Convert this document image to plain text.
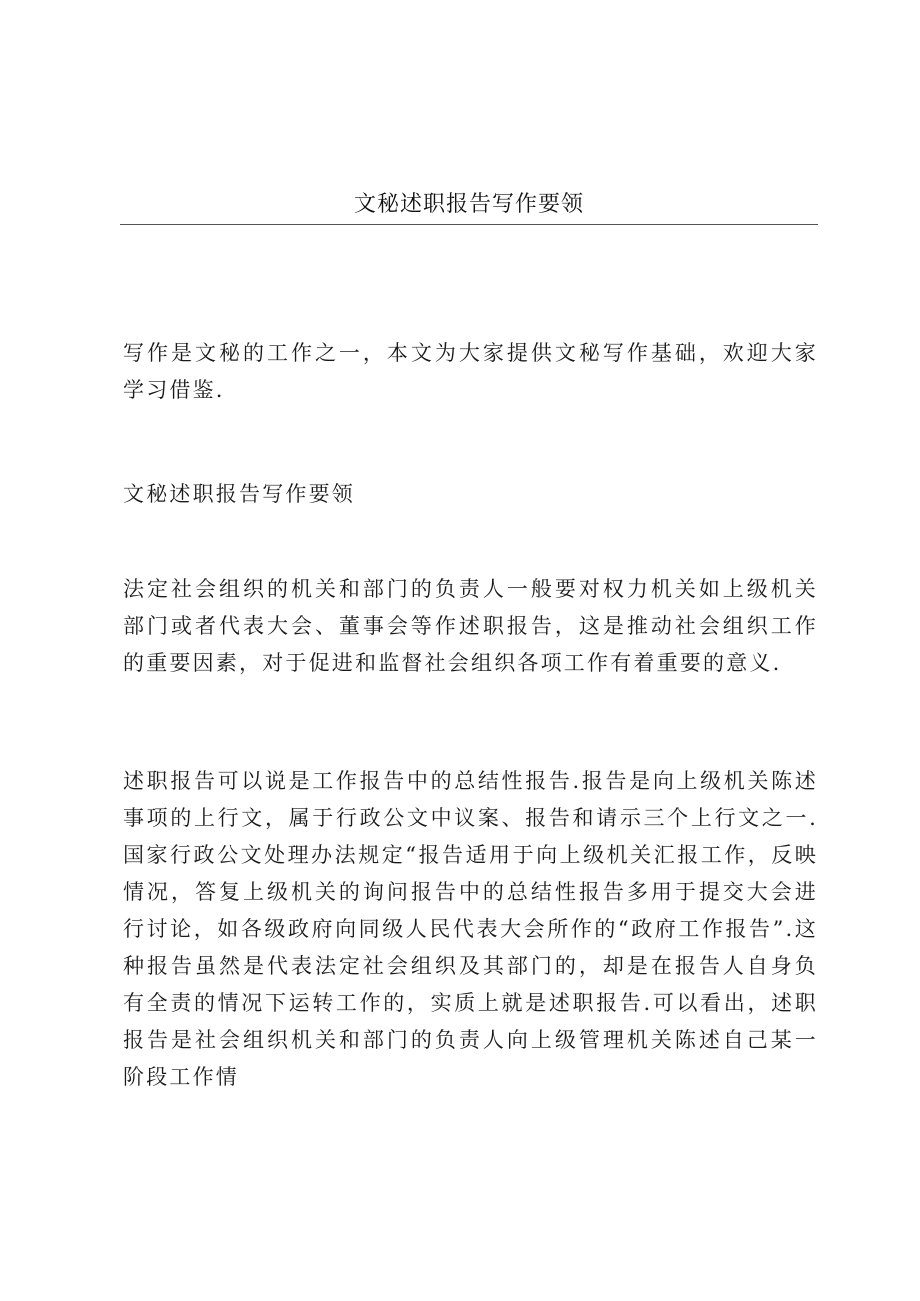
文秘述职报告写作要领

写作是文秘的工作之一，本文为大家提供文秘写作基础，欢迎大家学习借鉴.

文秘述职报告写作要领

法定社会组织的机关和部门的负责人一般要对权力机关如上级机关部门或者代表大会、董事会等作述职报告，这是推动社会组织工作的重要因素，对于促进和监督社会组织各项工作有着重要的意义.

述职报告可以说是工作报告中的总结性报告.报告是向上级机关陈述事项的上行文，属于行政公文中议案、报告和请示三个上行文之一.国家行政公文处理办法规定“报告适用于向上级机关汇报工作，反映情况，答复上级机关的询问报告中的总结性报告多用于提交大会进行讨论，如各级政府向同级人民代表大会所作的“政府工作报告”.这种报告虽然是代表法定社会组织及其部门的，却是在报告人自身负有全责的情况下运转工作的，实质上就是述职报告.可以看出，述职报告是社会组织机关和部门的负责人向上级管理机关陈述自己某一阶段工作情
